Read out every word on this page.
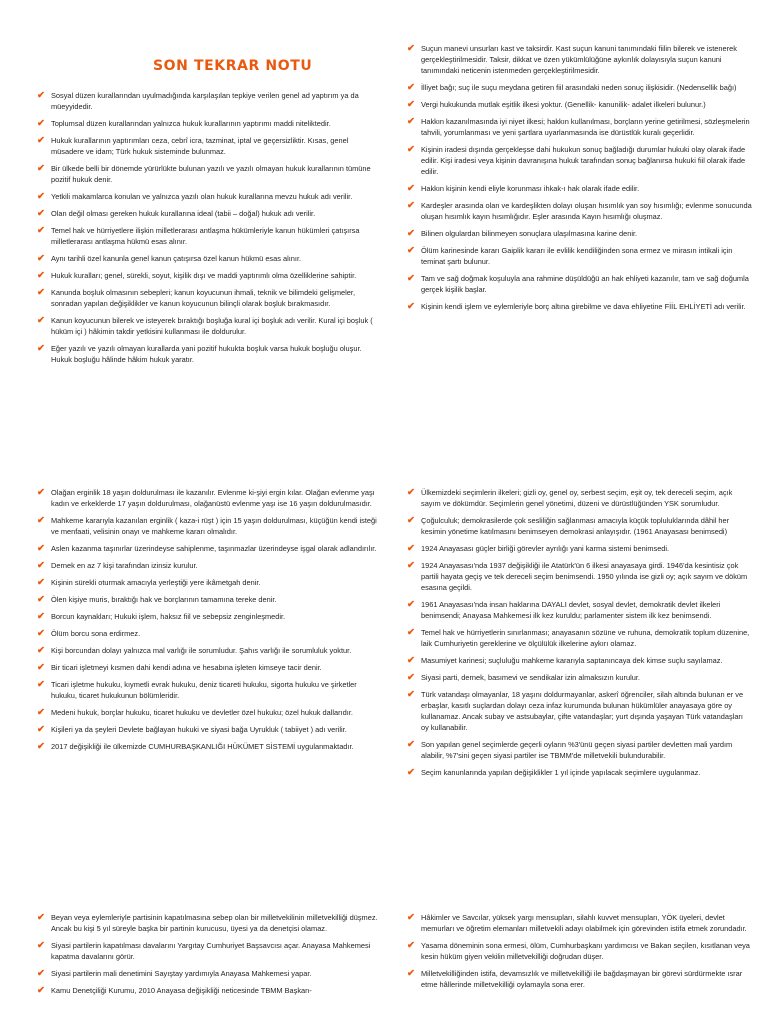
SON TEKRAR NOTU
✔ Sosyal düzen kurallarından uyulmadığında karşılaşılan tepkiye verilen genel ad yaptırım ya da müeyyidedir.
✔ Toplumsal düzen kurallarından yalnızca hukuk kurallarının yaptırımı maddi niteliktedir.
✔ Hukuk kurallarının yaptırımları ceza, cebrî icra, tazminat, iptal ve geçersizliktir. Kısas, genel müsadere ve idam; Türk hukuk sisteminde bulunmaz.
✔ Bir ülkede belli bir dönemde yürürlükte bulunan yazılı ve yazılı olmayan hukuk kurallarının tümüne pozitif hukuk denir.
✔ Yetkili makamlarca konulan ve yalnızca yazılı olan hukuk kurallarına mevzu hukuk adı verilir.
✔ Olan değil olması gereken hukuk kurallarına ideal (tabii – doğal) hukuk adı verilir.
✔ Temel hak ve hürriyetlere ilişkin milletlerarası antlaşma hükümleriyle kanun hükümleri çatışırsa milletlerarası antlaşma hükmü esas alınır.
✔ Aynı tarihli özel kanunla genel kanun çatışırsa özel kanun hükmü esas alınır.
✔ Hukuk kuralları; genel, sürekli, soyut, kişilik dışı ve maddi yaptırımlı olma özelliklerine sahiptir.
✔ Kanunda boşluk olmasının sebepleri; kanun koyucunun ihmali, teknik ve bilimdeki gelişmeler, sonradan yapılan değişiklikler ve kanun koyucunun bilinçli olarak boşluk bırakmasıdır.
✔ Kanun koyucunun bilerek ve isteyerek bıraktığı boşluğa kural içi boşluk adı verilir. Kural içi boşluk ( hüküm içi ) hâkimin takdir yetkisini kullanması ile doldurulur.
✔ Eğer yazılı ve yazılı olmayan kurallarda yani pozitif hukukta boşluk varsa hukuk boşluğu oluşur. Hukuk boşluğu hâlinde hâkim hukuk yaratır.
✔ Suçun manevi unsurları kast ve taksirdir. Kast suçun kanuni tanımındaki fiilin bilerek ve istenerek gerçekleştirilmesidir. Taksir, dikkat ve özen yükümlülüğüne aykırılık dolayısıyla suçun kanuni tanımındaki neticenin istenmeden gerçekleştirilmesidir.
✔ İlliyet bağı; suç ile suçu meydana getiren fiil arasındaki neden sonuç ilişkisidir. (Nedensellik bağı)
✔ Vergi hukukunda mutlak eşitlik ilkesi yoktur. (Genellik- kanunilik- adalet ilkeleri bulunur.)
✔ Hakkın kazanılmasında iyi niyet ilkesi; hakkın kullanılması, borçların yerine getirilmesi, sözleşmelerin tahvili, yorumlanması ve yeni şartlara uyarlanmasında ise dürüstlük kuralı geçerlidir.
✔ Kişinin iradesi dışında gerçekleşse dahi hukukun sonuç bağladığı durumlar hukuki olay olarak ifade edilir. Kişi iradesi veya kişinin davranışına hukuk tarafından sonuç bağlanırsa hukuki fiil olarak ifade edilir.
✔ Hakkın kişinin kendi eliyle korunması ihkak-ı hak olarak ifade edilir.
✔ Kardeşler arasında olan ve kardeşlikten dolayı oluşan hısımlık yan soy hısımlığı; evlenme sonucunda oluşan hısımlık kayın hısımlığıdır. Eşler arasında Kayın hısımlığı oluşmaz.
✔ Bilinen olgulardan bilinmeyen sonuçlara ulaşılmasına karine denir.
✔ Ölüm karinesinde kararı Gaiplik kararı ile evlilik kendiliğinden sona ermez ve mirasın intikali için teminat şartı bulunur.
✔ Tam ve sağ doğmak koşuluyla ana rahmine düşüldüğü an hak ehliyeti kazanılır, tam ve sağ doğumla gerçek kişilik başlar.
✔ Kişinin kendi işlem ve eylemleriyle borç altına girebilme ve dava ehliyetine FİİL EHLİYETİ adı verilir.
✔ Olağan erginlik 18 yaşın doldurulması ile kazanılır. Evlenme ki-şiyi ergin kılar. Olağan evlenme yaşı kadın ve erkeklerde 17 yaşın doldurulması, olağanüstü evlenme yaşı ise 16 yaşın doldurulmasıdır.
✔ Mahkeme kararıyla kazanılan erginlik ( kaza-i rüşt ) için 15 yaşın doldurulması, küçüğün kendi isteği ve menfaati, velisinin onayı ve mahkeme kararı olmalıdır.
✔ Aslen kazanma taşınırlar üzerindeyse sahiplenme, taşınmazlar üzerindeyse işgal olarak adlandırılır.
✔ Dernek en az 7 kişi tarafından izinsiz kurulur.
✔ Kişinin sürekli oturmak amacıyla yerleştiği yere ikâmetgah denir.
✔ Ölen kişiye muris, bıraktığı hak ve borçlarının tamamına tereke denir.
✔ Borcun kaynakları; Hukuki işlem, haksız fiil ve sebepsiz zenginleşmedir.
✔ Ölüm borcu sona erdirmez.
✔ Kişi borcundan dolayı yalnızca mal varlığı ile sorumludur. Şahıs varlığı ile sorumluluk yoktur.
✔ Bir ticari işletmeyi kısmen dahi kendi adına ve hesabına işleten kimseye tacir denir.
✔ Ticari işletme hukuku, kıymetli evrak hukuku, deniz ticareti hukuku, sigorta hukuku ve şirketler hukuku, ticaret hukukunun bölümleridir.
✔ Medeni hukuk, borçlar hukuku, ticaret hukuku ve devletler özel hukuku; özel hukuk dallarıdır.
✔ Kişileri ya da şeyleri Devlete bağlayan hukuki ve siyasi bağa Uyrukluk ( tabiiyet ) adı verilir.
✔ 2017 değişikliği ile ülkemizde CUMHURBAŞKANLIĞI HÜKÜMET SİSTEMİ uygulanmaktadır.
✔ Ülkemizdeki seçimlerin ilkeleri; gizli oy, genel oy, serbest seçim, eşit oy, tek dereceli seçim, açık sayım ve dökümdür. Seçimlerin genel yönetimi, düzeni ve dürüstlüğünden YSK sorumludur.
✔ Çoğulculuk; demokrasilerde çok sesliliğin sağlanması amacıyla küçük topluluklarında dâhil her kesimin yönetime katılmasını benimseyen demokrasi anlayışıdır. (1961 Anayasası benimsedi)
✔ 1924 Anayasası güçler birliği görevler ayrılığı yani karma sistemi benimsedi.
✔ 1924 Anayasası'nda 1937 değişikliği ile Atatürk'ün 6 ilkesi anayasaya girdi. 1946'da kesintisiz çok partili hayata geçiş ve tek dereceli seçim benimsendi. 1950 yılında ise gizli oy; açık sayım ve döküm esasına geçildi.
✔ 1961 Anayasası'nda insan haklarına DAYALI devlet, sosyal devlet, demokratik devlet ilkeleri benimsendi; Anayasa Mahkemesi ilk kez kuruldu; parlamenter sistem ilk kez benimsendi.
✔ Temel hak ve hürriyetlerin sınırlanması; anayasanın sözüne ve ruhuna, demokratik toplum düzenine, laik Cumhuriyetin gereklerine ve ölçülülük ilkelerine aykırı olamaz.
✔ Masumiyet karinesi; suçluluğu mahkeme kararıyla saptanıncaya dek kimse suçlu sayılamaz.
✔ Siyasi parti, dernek, basımevi ve sendikalar izin almaksızın kurulur.
✔ Türk vatandaşı olmayanlar, 18 yaşını doldurmayanlar, askerî öğrenciler, silah altında bulunan er ve erbaşlar, kasıtlı suçlardan dolayı ceza infaz kurumunda bulunan hükümlüler anayasaya göre oy kullanamaz. Ancak subay ve astsubaylar, çifte vatandaşlar; yurt dışında yaşayan Türk vatandaşları oy kullanabilir.
✔ Son yapılan genel seçimlerde geçerli oyların %3'ünü geçen siyasi partiler devletten mali yardım alabilir, %7'sini geçen siyasi partiler ise TBMM'de milletvekili bulundurabilir.
✔ Seçim kanunlarında yapılan değişiklikler 1 yıl içinde yapılacak seçimlere uygulanmaz.
✔ Beyan veya eylemleriyle partisinin kapatılmasına sebep olan bir milletvekilinin milletvekilliği düşmez. Ancak bu kişi 5 yıl süreyle başka bir partinin kurucusu, üyesi ya da denetçisi olamaz.
✔ Siyasi partilerin kapatılması davalarını Yargıtay Cumhuriyet Başsavcısı açar. Anayasa Mahkemesi kapatma davalarını görür.
✔ Siyasi partilerin mali denetimini Sayıştay yardımıyla Anayasa Mahkemesi yapar.
✔ Kamu Denetçiliği Kurumu, 2010 Anayasa değişikliği neticesinde TBMM Başkan-
✔ Hâkimler ve Savcılar, yüksek yargı mensupları, silahlı kuvvet mensupları, YÖK üyeleri, devlet memurları ve öğretim elemanları milletvekili adayı olabilmek için görevinden istifa etmek zorundadır.
✔ Yasama döneminin sona ermesi, ölüm, Cumhurbaşkanı yardımcısı ve Bakan seçilen, kısıtlanan veya kesin hüküm giyen vekilin milletvekilliği doğrudan düşer.
✔ Milletvekilliğinden istifa, devamsızlık ve milletvekilliği ile bağdaşmayan bir görevi sürdürmekte ısrar etme hâllerinde milletvekilliği oylamayla sona erer.
